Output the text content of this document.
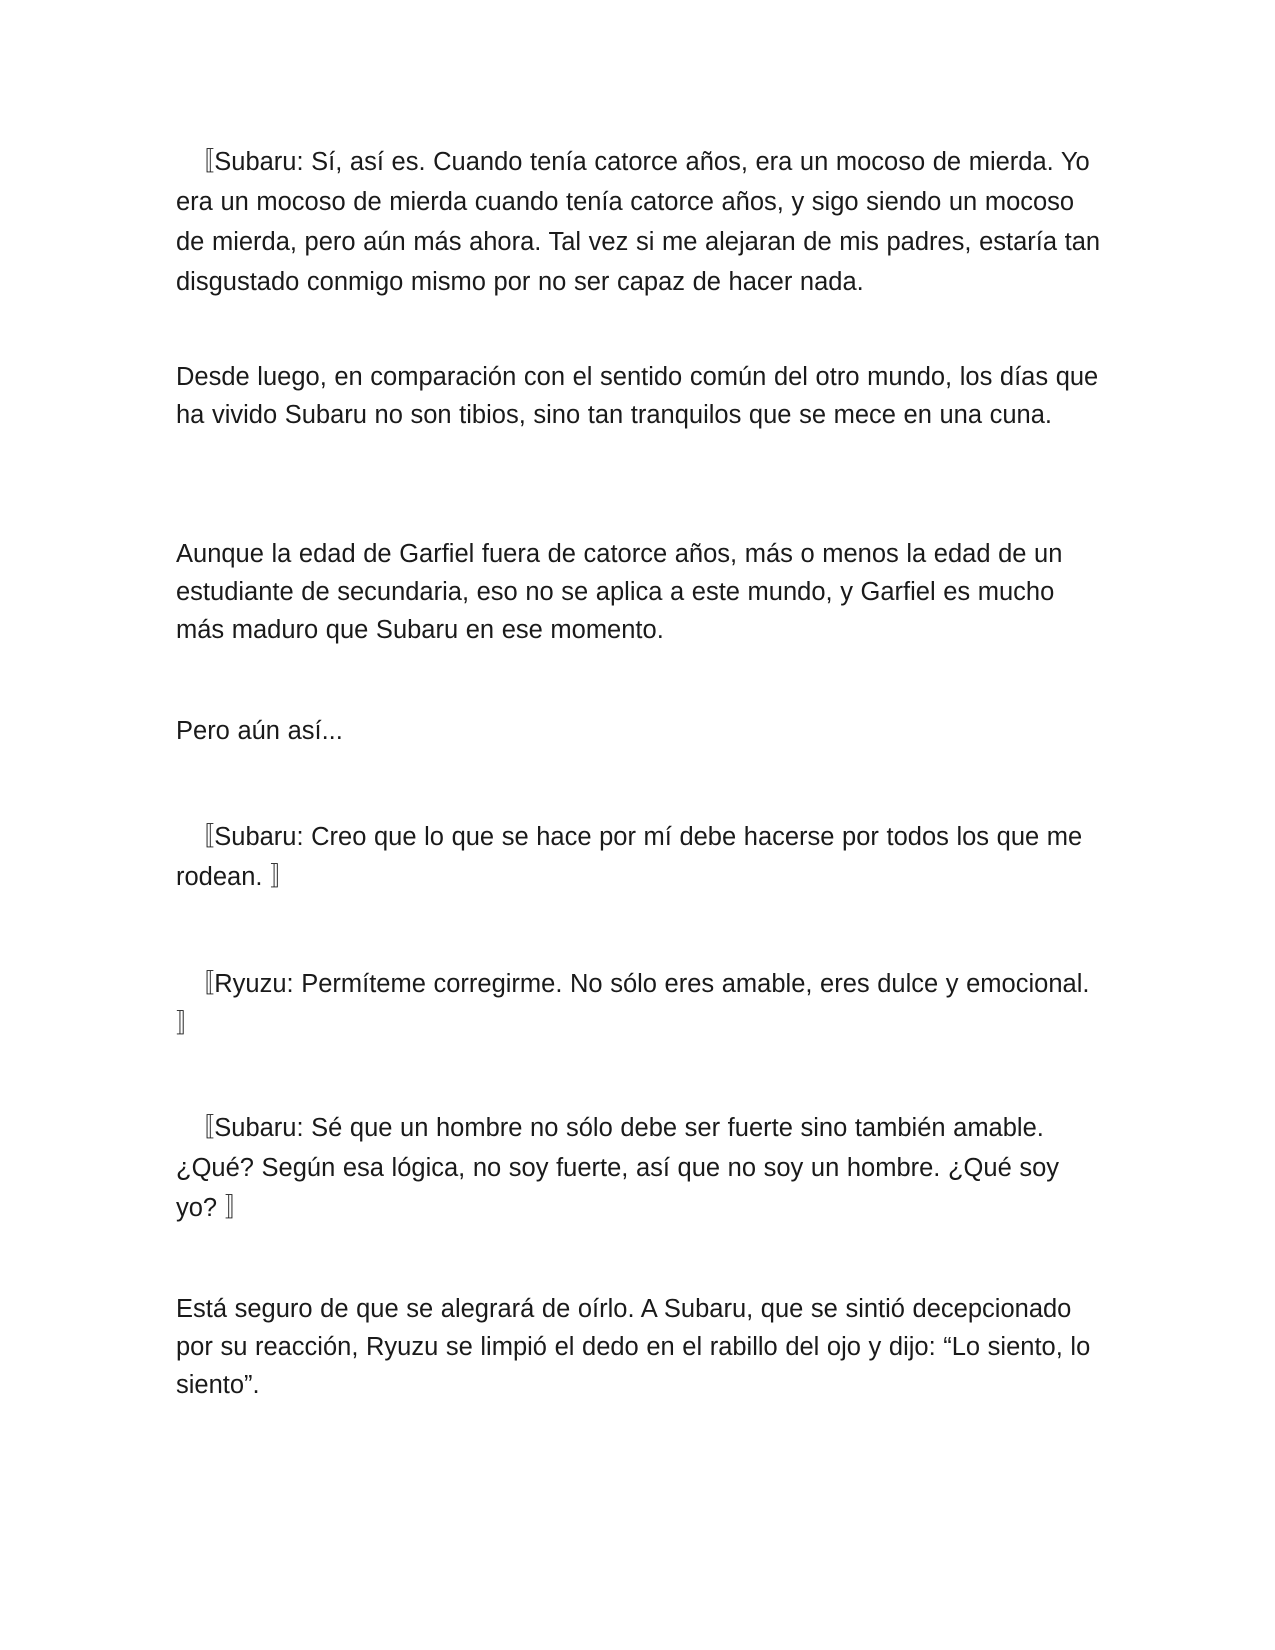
　〚Subaru: Sí, así es. Cuando tenía catorce años, era un mocoso de mierda. Yo era un mocoso de mierda cuando tenía catorce años, y sigo siendo un mocoso de mierda, pero aún más ahora. Tal vez si me alejaran de mis padres, estaría tan disgustado conmigo mismo por no ser capaz de hacer nada.

Desde luego, en comparación con el sentido común del otro mundo, los días que ha vivido Subaru no son tibios, sino tan tranquilos que se mece en una cuna.

Aunque la edad de Garfiel fuera de catorce años, más o menos la edad de un estudiante de secundaria, eso no se aplica a este mundo, y Garfiel es mucho más maduro que Subaru en ese momento.

Pero aún así...

　〚Subaru: Creo que lo que se hace por mí debe hacerse por todos los que me rodean. 〛

　〚Ryuzu: Permíteme corregirme. No sólo eres amable, eres dulce y emocional. 〛

　〚Subaru: Sé que un hombre no sólo debe ser fuerte sino también amable. ¿Qué? Según esa lógica, no soy fuerte, así que no soy un hombre. ¿Qué soy yo? 〛

Está seguro de que se alegrará de oírlo. A Subaru, que se sintió decepcionado por su reacción, Ryuzu se limpió el dedo en el rabillo del ojo y dijo: “Lo siento, lo siento”.
